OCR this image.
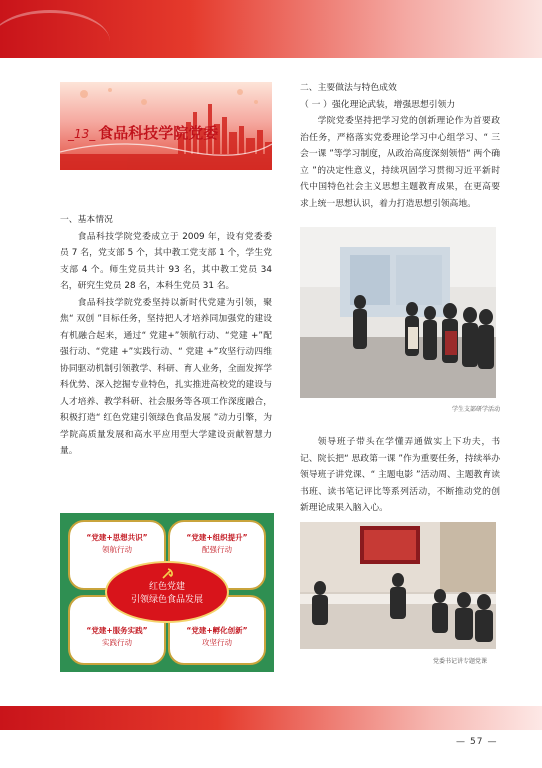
_13_ 食品科技学院党委

一、基本情况

食品科技学院党委成立于 2009 年，设有党委委员 7 名，党支部 5 个，其中教工党支部 1 个，学生党支部 4 个。师生党员共计 93 名，其中教工党员 34 名，研究生党员 28 名，本科生党员 31 名。

食品科技学院党委坚持以新时代党建为引领，聚焦“ 双创 ”目标任务，坚持把人才培养同加强党的建设有机融合起来，通过“ 党建+”领航行动、“党建 +”配强行动、“党建 +”实践行动、“ 党建 +”攻坚行动四维协同驱动机制引领教学、科研、育人业务，全面发挥学科优势、深入挖掘专业特色，扎实推进高校党的建设与人才培养、教学科研、社会服务等各项工作深度融合，积极打造“ 红色党建引领绿色食品发展 ”动力引擎，为学院高质量发展和高水平应用型大学建设贡献智慧力量。

“党建+思想共识”
领航行动
“党建+组织提升”
配强行动
“党建+服务实践”
实践行动
“党建+孵化创新”
攻坚行动
红色党建
引领绿色食品发展

二、主要做法与特色成效

（ 一 ）强化理论武装，增强思想引领力

学院党委坚持把学习党的创新理论作为首要政治任务，严格落实党委理论学习中心组学习、“ 三会一课 ”等学习制度，从政治高度深刻领悟“ 两个确立 ”的决定性意义，持续巩固学习贯彻习近平新时代中国特色社会主义思想主题教育成果，在更高要求上统一思想认识，着力打造思想引领高地。

学生支部研学活动

领导班子带头在学懂弄通做实上下功夫，书记、院长把“ 思政第一课 ”作为重要任务，持续举办领导班子讲党课、“ 主题电影 ”活动周、主题教育读书班、读书笔记评比等系列活动，不断推动党的创新理论成果入脑入心。

党委书记讲专题党课
— 57 —
